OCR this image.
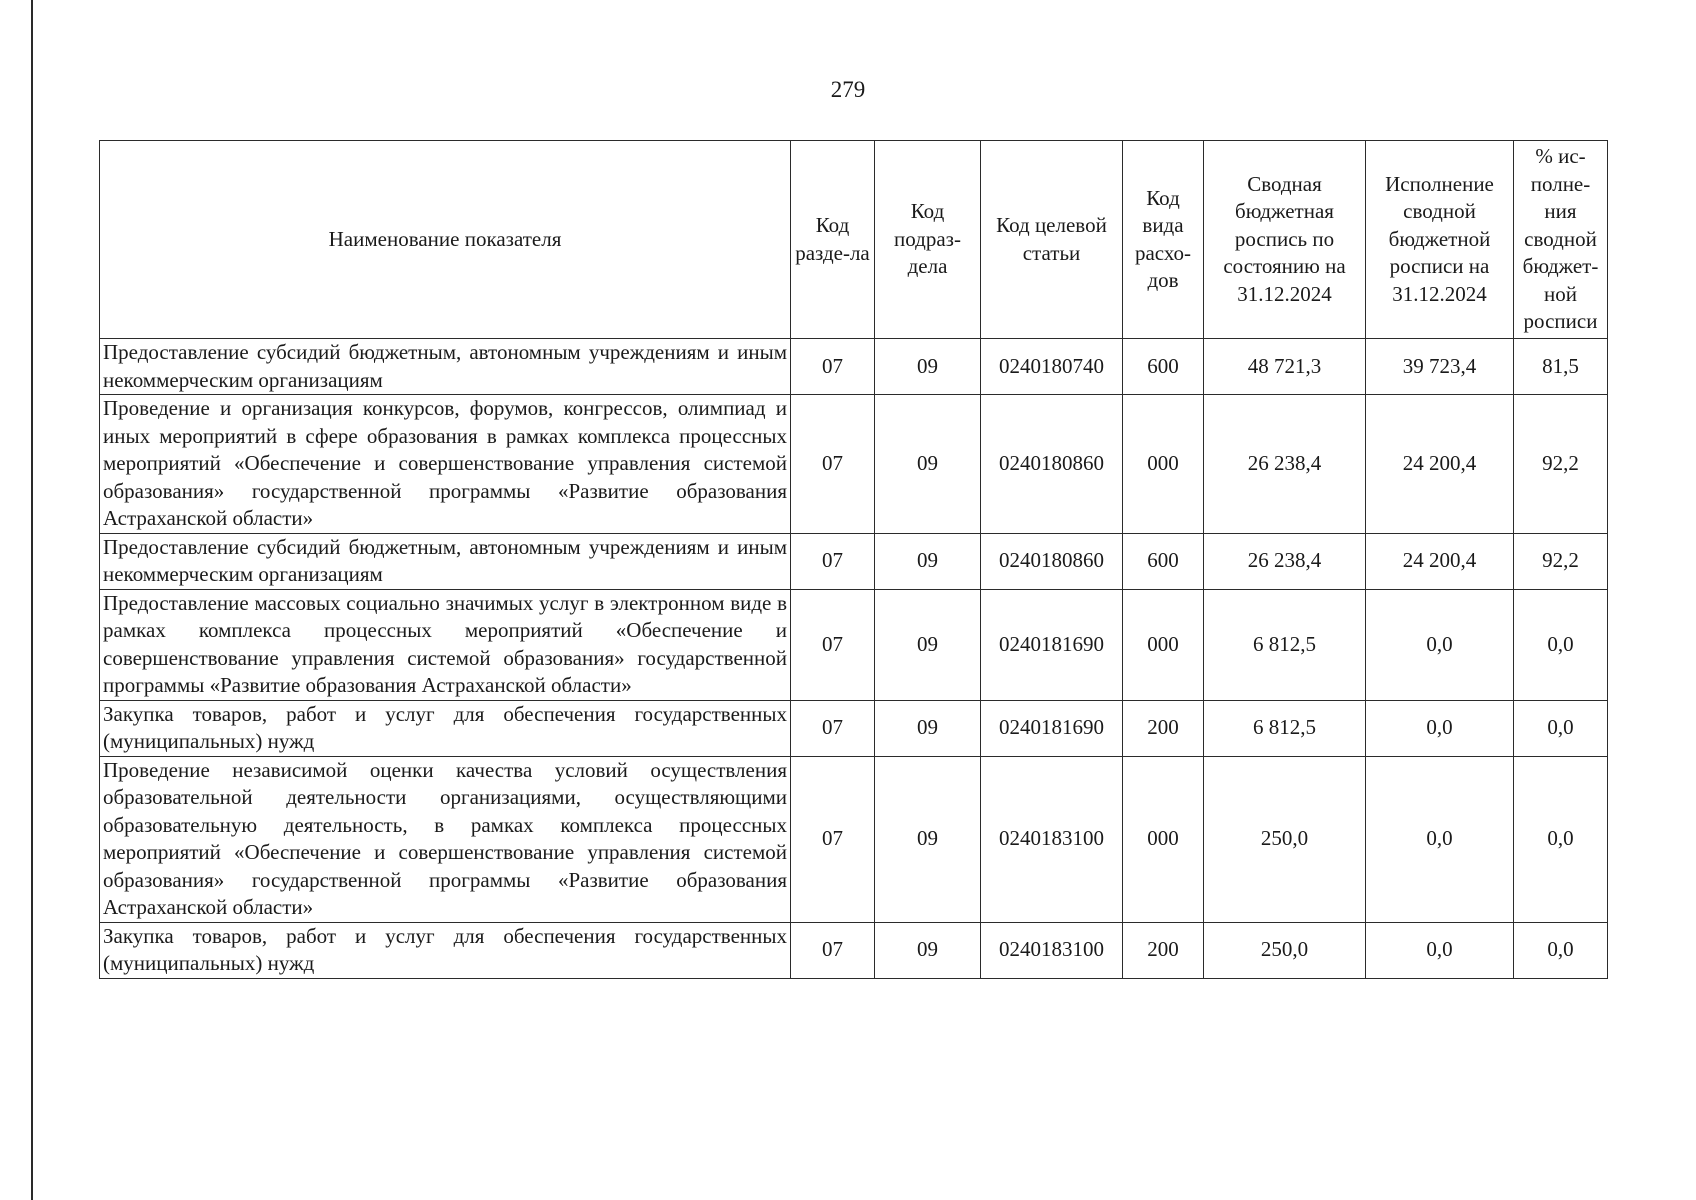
279
Наименование показателя	Код разде-ла	Код подраз-дела	Код целевой статьи	Код вида расхо-дов	Сводная бюджетная роспись по состоянию на 31.12.2024	Исполнение сводной бюджетной росписи на 31.12.2024	% ис-полне-ния сводной бюджет-ной росписи
Предоставление субсидий бюджетным, автономным учреждениям и иным некоммерческим организациям	07	09	0240180740	600	48 721,3	39 723,4	81,5
Проведение и организация конкурсов, форумов, конгрессов, олимпиад и иных мероприятий в сфере образования в рамках комплекса процессных мероприятий «Обеспечение и совершенствование управления системой образования» государственной программы «Развитие образования Астраханской области»	07	09	0240180860	000	26 238,4	24 200,4	92,2
Предоставление субсидий бюджетным, автономным учреждениям и иным некоммерческим организациям	07	09	0240180860	600	26 238,4	24 200,4	92,2
Предоставление массовых социально значимых услуг в электронном виде в рамках комплекса процессных мероприятий «Обеспечение и совершенствование управления системой образования» государственной программы «Развитие образования Астраханской области»	07	09	0240181690	000	6 812,5	0,0	0,0
Закупка товаров, работ и услуг для обеспечения государственных (муниципальных) нужд	07	09	0240181690	200	6 812,5	0,0	0,0
Проведение независимой оценки качества условий осуществления образовательной деятельности организациями, осуществляющими образовательную деятельность, в рамках комплекса процессных мероприятий «Обеспечение и совершенствование управления системой образования» государственной программы «Развитие образования Астраханской области»	07	09	0240183100	000	250,0	0,0	0,0
Закупка товаров, работ и услуг для обеспечения государственных (муниципальных) нужд	07	09	0240183100	200	250,0	0,0	0,0
